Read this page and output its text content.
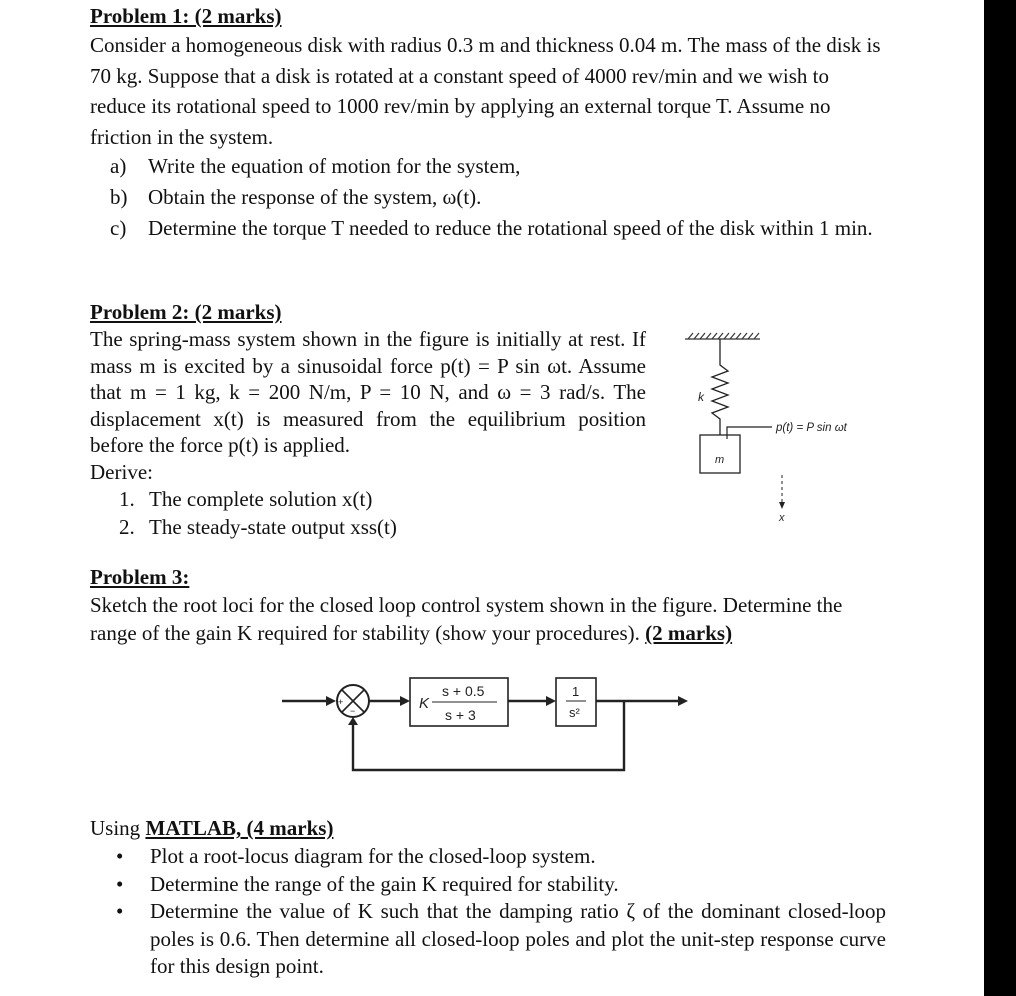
Problem 1: (2 marks)

Consider a homogeneous disk with radius 0.3 m and thickness 0.04 m. The mass of the disk is 70 kg. Suppose that a disk is rotated at a constant speed of 4000 rev/min and we wish to reduce its rotational speed to 1000 rev/min by applying an external torque T. Assume no friction in the system.

a)	Write the equation of motion for the system,
b) Obtain the response of the system, ω(t).
c)	Determine the torque T needed to reduce the rotational speed of the disk within 1 min.
Problem 2: (2 marks)
The spring-mass system shown in the figure is initially at rest. If mass m is excited by a sinusoidal force p(t) = P sin ωt. Assume that m = 1 kg, k = 200 N/m, P = 10 N, and ω = 3 rad/s. The displacement x(t) is measured from the equilibrium position before the force p(t) is applied.
Derive:
1. The complete solution x(t)
2. The steady-state output xss(t)
Problem 3:
Sketch the root loci for the closed loop control system shown in the figure. Determine the range of the gain K required for stability (show your procedures). (2 marks)
Using MATLAB, (4 marks)
•	Plot a root-locus diagram for the closed-loop system.
•	Determine the range of the gain K required for stability.
•	Determine the value of K such that the damping ratio ζ of the dominant closed-loop poles is 0.6. Then determine all closed-loop poles and plot the unit-step response curve for this design point.
k
m
p(t) = P sin ωt
x
+
−	K
s + 0.5
s + 3
1
s²
